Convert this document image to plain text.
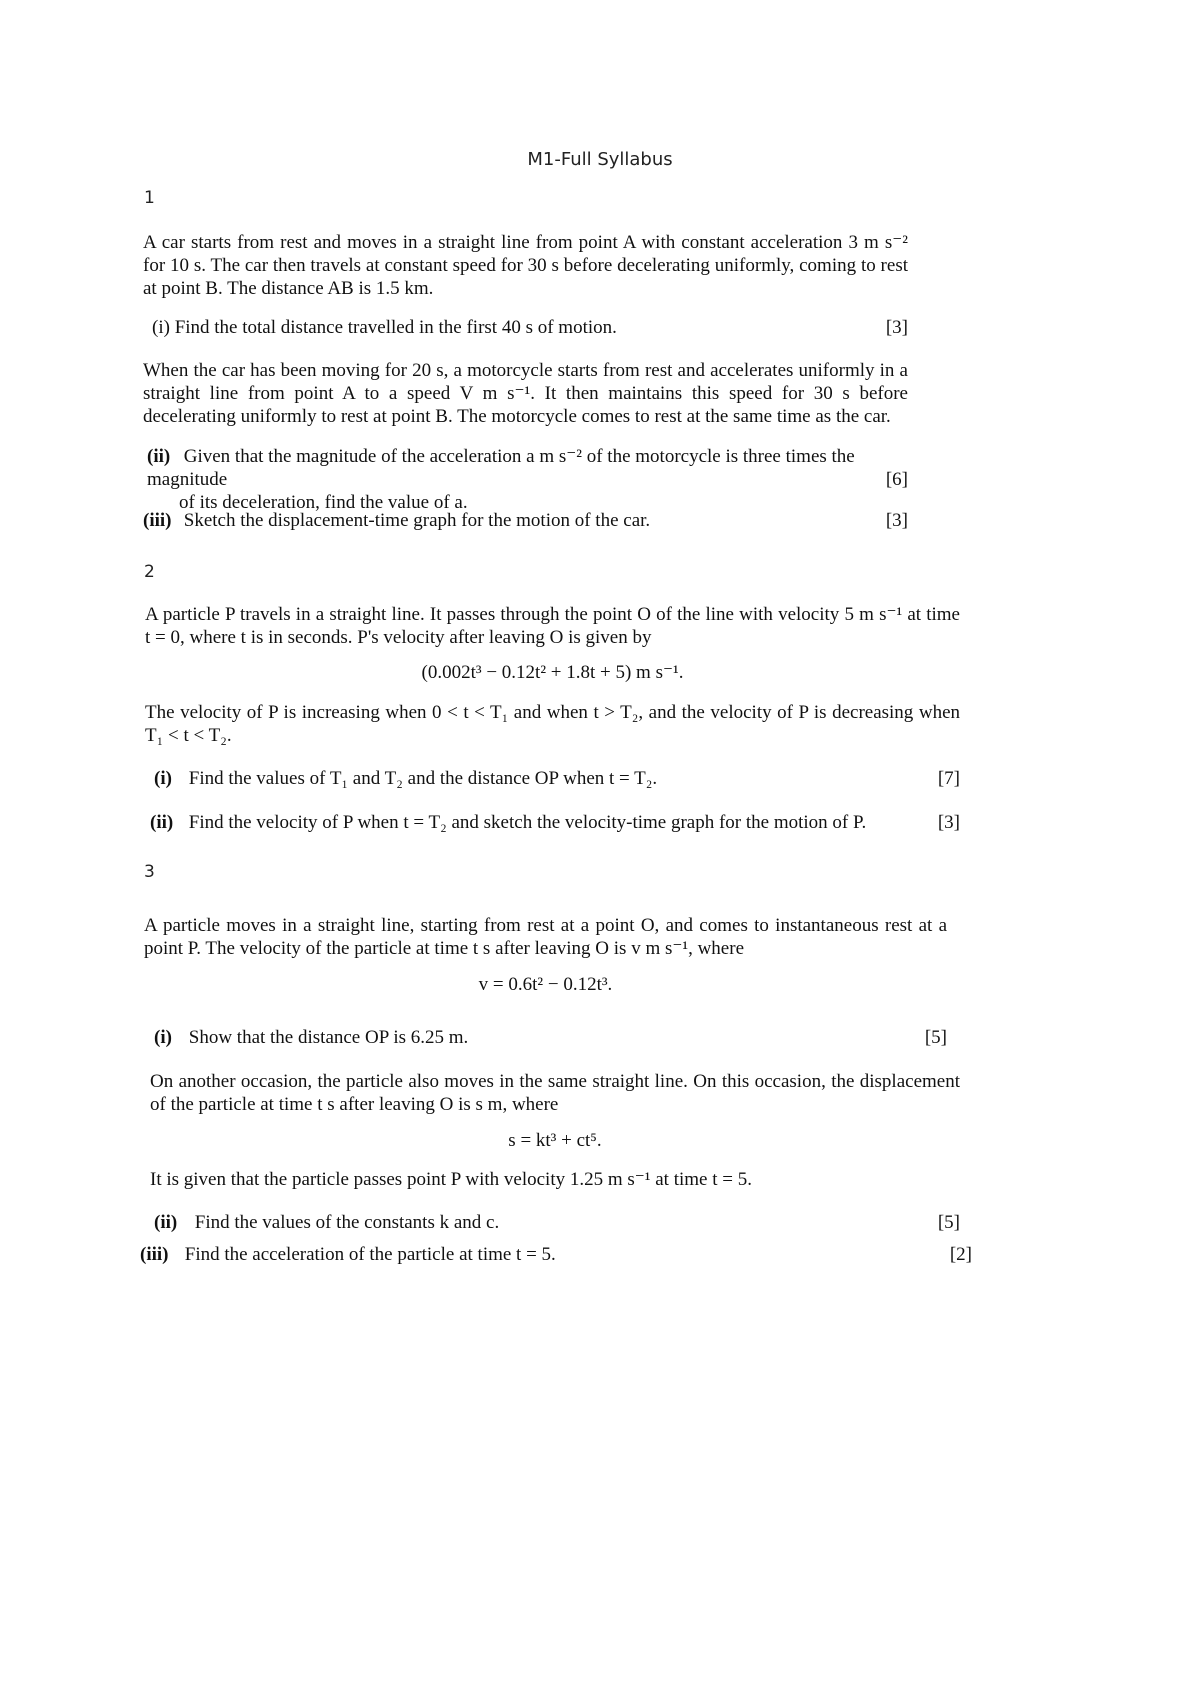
M1-Full Syllabus
1
A car starts from rest and moves in a straight line from point A with constant acceleration 3 m s⁻² for 10 s. The car then travels at constant speed for 30 s before decelerating uniformly, coming to rest at point B. The distance AB is 1.5 km.
(i) Find the total distance travelled in the first 40 s of motion.	[3]
When the car has been moving for 20 s, a motorcycle starts from rest and accelerates uniformly in a straight line from point A to a speed V m s⁻¹. It then maintains this speed for 30 s before decelerating uniformly to rest at point B. The motorcycle comes to rest at the same time as the car.
(ii) Given that the magnitude of the acceleration a m s⁻² of the motorcycle is three times the magnitude
of its deceleration, find the value of a.
[6]
(iii) Sketch the displacement-time graph for the motion of the car.	[3]
2
A particle P travels in a straight line. It passes through the point O of the line with velocity 5 m s⁻¹ at time t = 0, where t is in seconds. P's velocity after leaving O is given by
(0.002t³ − 0.12t² + 1.8t + 5) m s⁻¹.
The velocity of P is increasing when 0 < t < T₁ and when t > T₂, and the velocity of P is decreasing when T₁ < t < T₂.
(i) Find the values of T₁ and T₂ and the distance OP when t = T₂.	[7]
(ii) Find the velocity of P when t = T₂ and sketch the velocity-time graph for the motion of P.	[3]
3
A particle moves in a straight line, starting from rest at a point O, and comes to instantaneous rest at a point P. The velocity of the particle at time t s after leaving O is v m s⁻¹, where
v = 0.6t² − 0.12t³.
(i) Show that the distance OP is 6.25 m.	[5]
On another occasion, the particle also moves in the same straight line. On this occasion, the displacement of the particle at time t s after leaving O is s m, where
s = kt³ + ct⁵.
It is given that the particle passes point P with velocity 1.25 m s⁻¹ at time t = 5.
(ii) Find the values of the constants k and c.	[5]
(iii) Find the acceleration of the particle at time t = 5.	[2]
